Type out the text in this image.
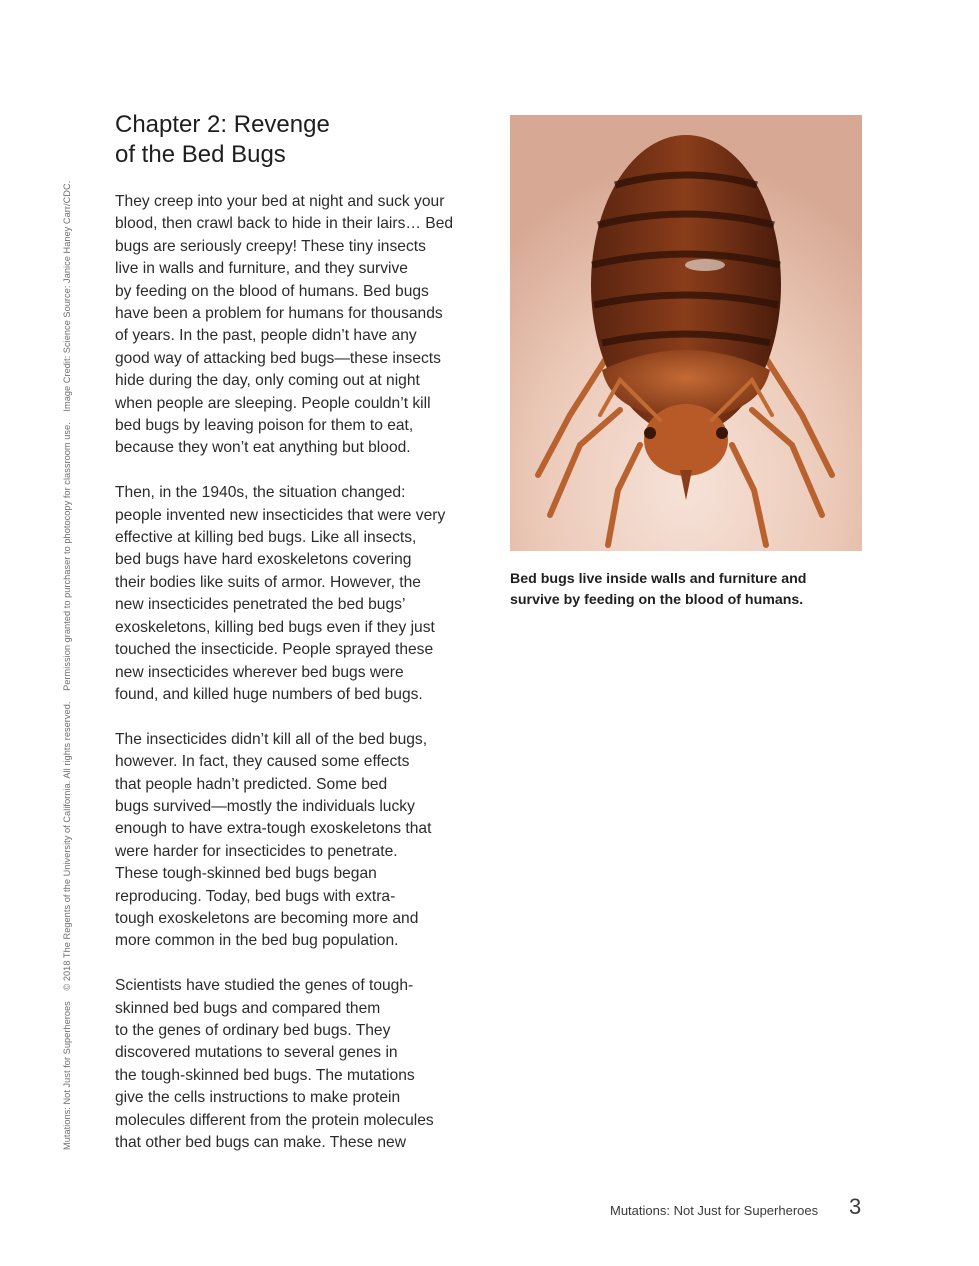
Mutations: Not Just for Superheroes © 2018 The Regents of the University of California. All rights reserved. Permission granted to purchaser to photocopy for classroom use. Image Credit: Science Source: Janice Haney Carr/CDC.
Chapter 2: Revenge
of the Bed Bugs

They creep into your bed at night and suck your
blood, then crawl back to hide in their lairs… Bed
bugs are seriously creepy! These tiny insects
live in walls and furniture, and they survive
by feeding on the blood of humans. Bed bugs
have been a problem for humans for thousands
of years. In the past, people didn’t have any
good way of attacking bed bugs—these insects
hide during the day, only coming out at night
when people are sleeping. People couldn’t kill
bed bugs by leaving poison for them to eat,
because they won’t eat anything but blood.

Then, in the 1940s, the situation changed:
people invented new insecticides that were very
effective at killing bed bugs. Like all insects,
bed bugs have hard exoskeletons covering
their bodies like suits of armor. However, the
new insecticides penetrated the bed bugs’
exoskeletons, killing bed bugs even if they just
touched the insecticide. People sprayed these
new insecticides wherever bed bugs were
found, and killed huge numbers of bed bugs.

The insecticides didn’t kill all of the bed bugs,
however. In fact, they caused some effects
that people hadn’t predicted. Some bed
bugs survived—mostly the individuals lucky
enough to have extra-tough exoskeletons that
were harder for insecticides to penetrate.
These tough-skinned bed bugs began
reproducing. Today, bed bugs with extra-
tough exoskeletons are becoming more and
more common in the bed bug population.

Scientists have studied the genes of tough-
skinned bed bugs and compared them
to the genes of ordinary bed bugs. They
discovered mutations to several genes in
the tough-skinned bed bugs. The mutations
give the cells instructions to make protein
molecules different from the protein molecules
that other bed bugs can make. These new

Bed bugs live inside walls and furniture and
survive by feeding on the blood of humans.
Mutations: Not Just for Superheroes 3
